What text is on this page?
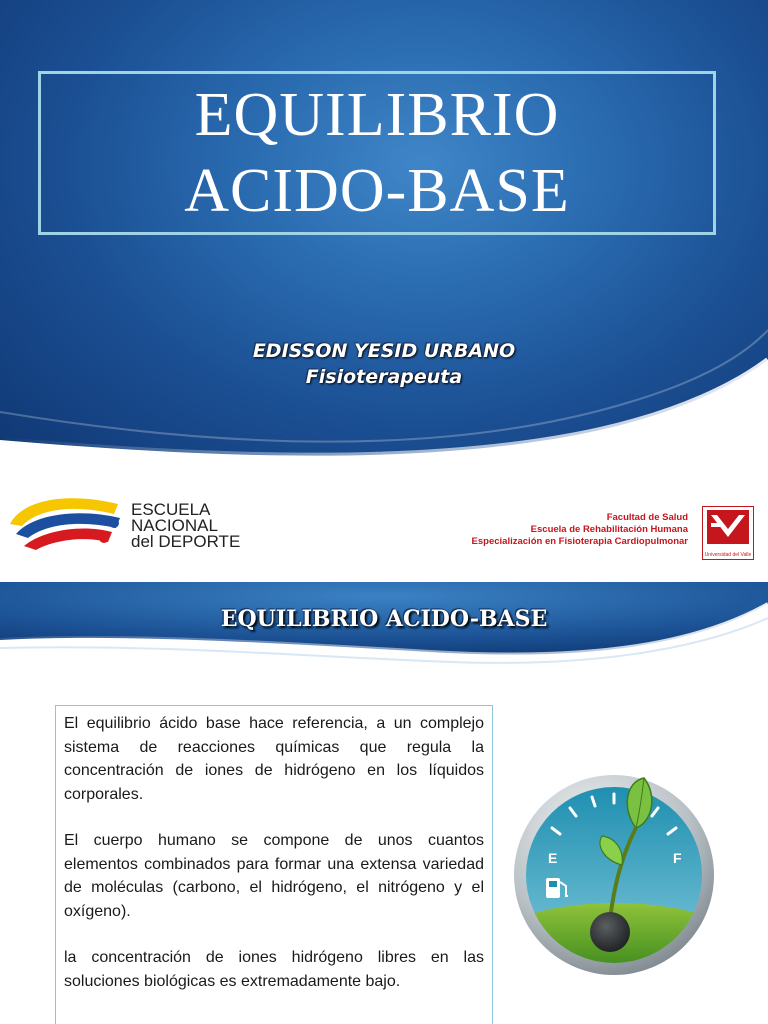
EQUILIBRIO
ACIDO-BASE
EDISSON YESID URBANO
Fisioterapeuta
ESCUELA
NACIONAL
del DEPORTE
Facultad de Salud
Escuela de Rehabilitación Humana
Especialización en Fisioterapia Cardiopulmonar
Universidad del Valle
EQUILIBRIO ACIDO-BASE

El equilibrio ácido base hace referencia, a un complejo sistema de reacciones químicas que regula la concentración de iones de hidrógeno en los líquidos corporales.

El cuerpo humano se compone de unos cuantos elementos combinados para formar una extensa variedad de moléculas (carbono, el hidrógeno, el nitrógeno y el oxígeno).

la concentración de iones hidrógeno libres en las soluciones biológicas es extremadamente bajo.

E	F
